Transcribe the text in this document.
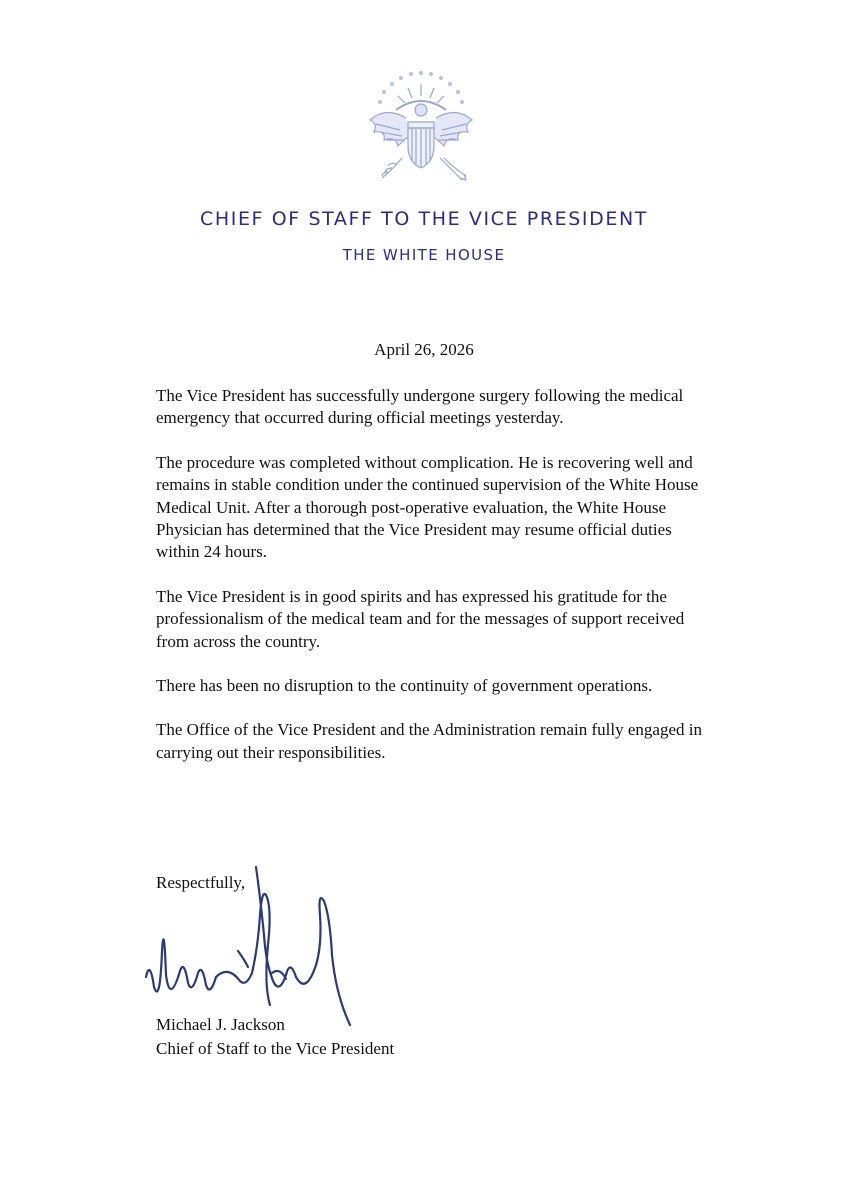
CHIEF OF STAFF TO THE VICE PRESIDENT
THE WHITE HOUSE
April 26, 2026

The Vice President has successfully undergone surgery following the medical emergency that occurred during official meetings yesterday.

The procedure was completed without complication. He is recovering well and remains in stable condition under the continued supervision of the White House Medical Unit. After a thorough post-operative evaluation, the White House Physician has determined that the Vice President may resume official duties within 24 hours.

The Vice President is in good spirits and has expressed his gratitude for the professionalism of the medical team and for the messages of support received from across the country.

There has been no disruption to the continuity of government operations.

The Office of the Vice President and the Administration remain fully engaged in carrying out their responsibilities.

Respectfully,
Michael J. Jackson
Chief of Staff to the Vice President
